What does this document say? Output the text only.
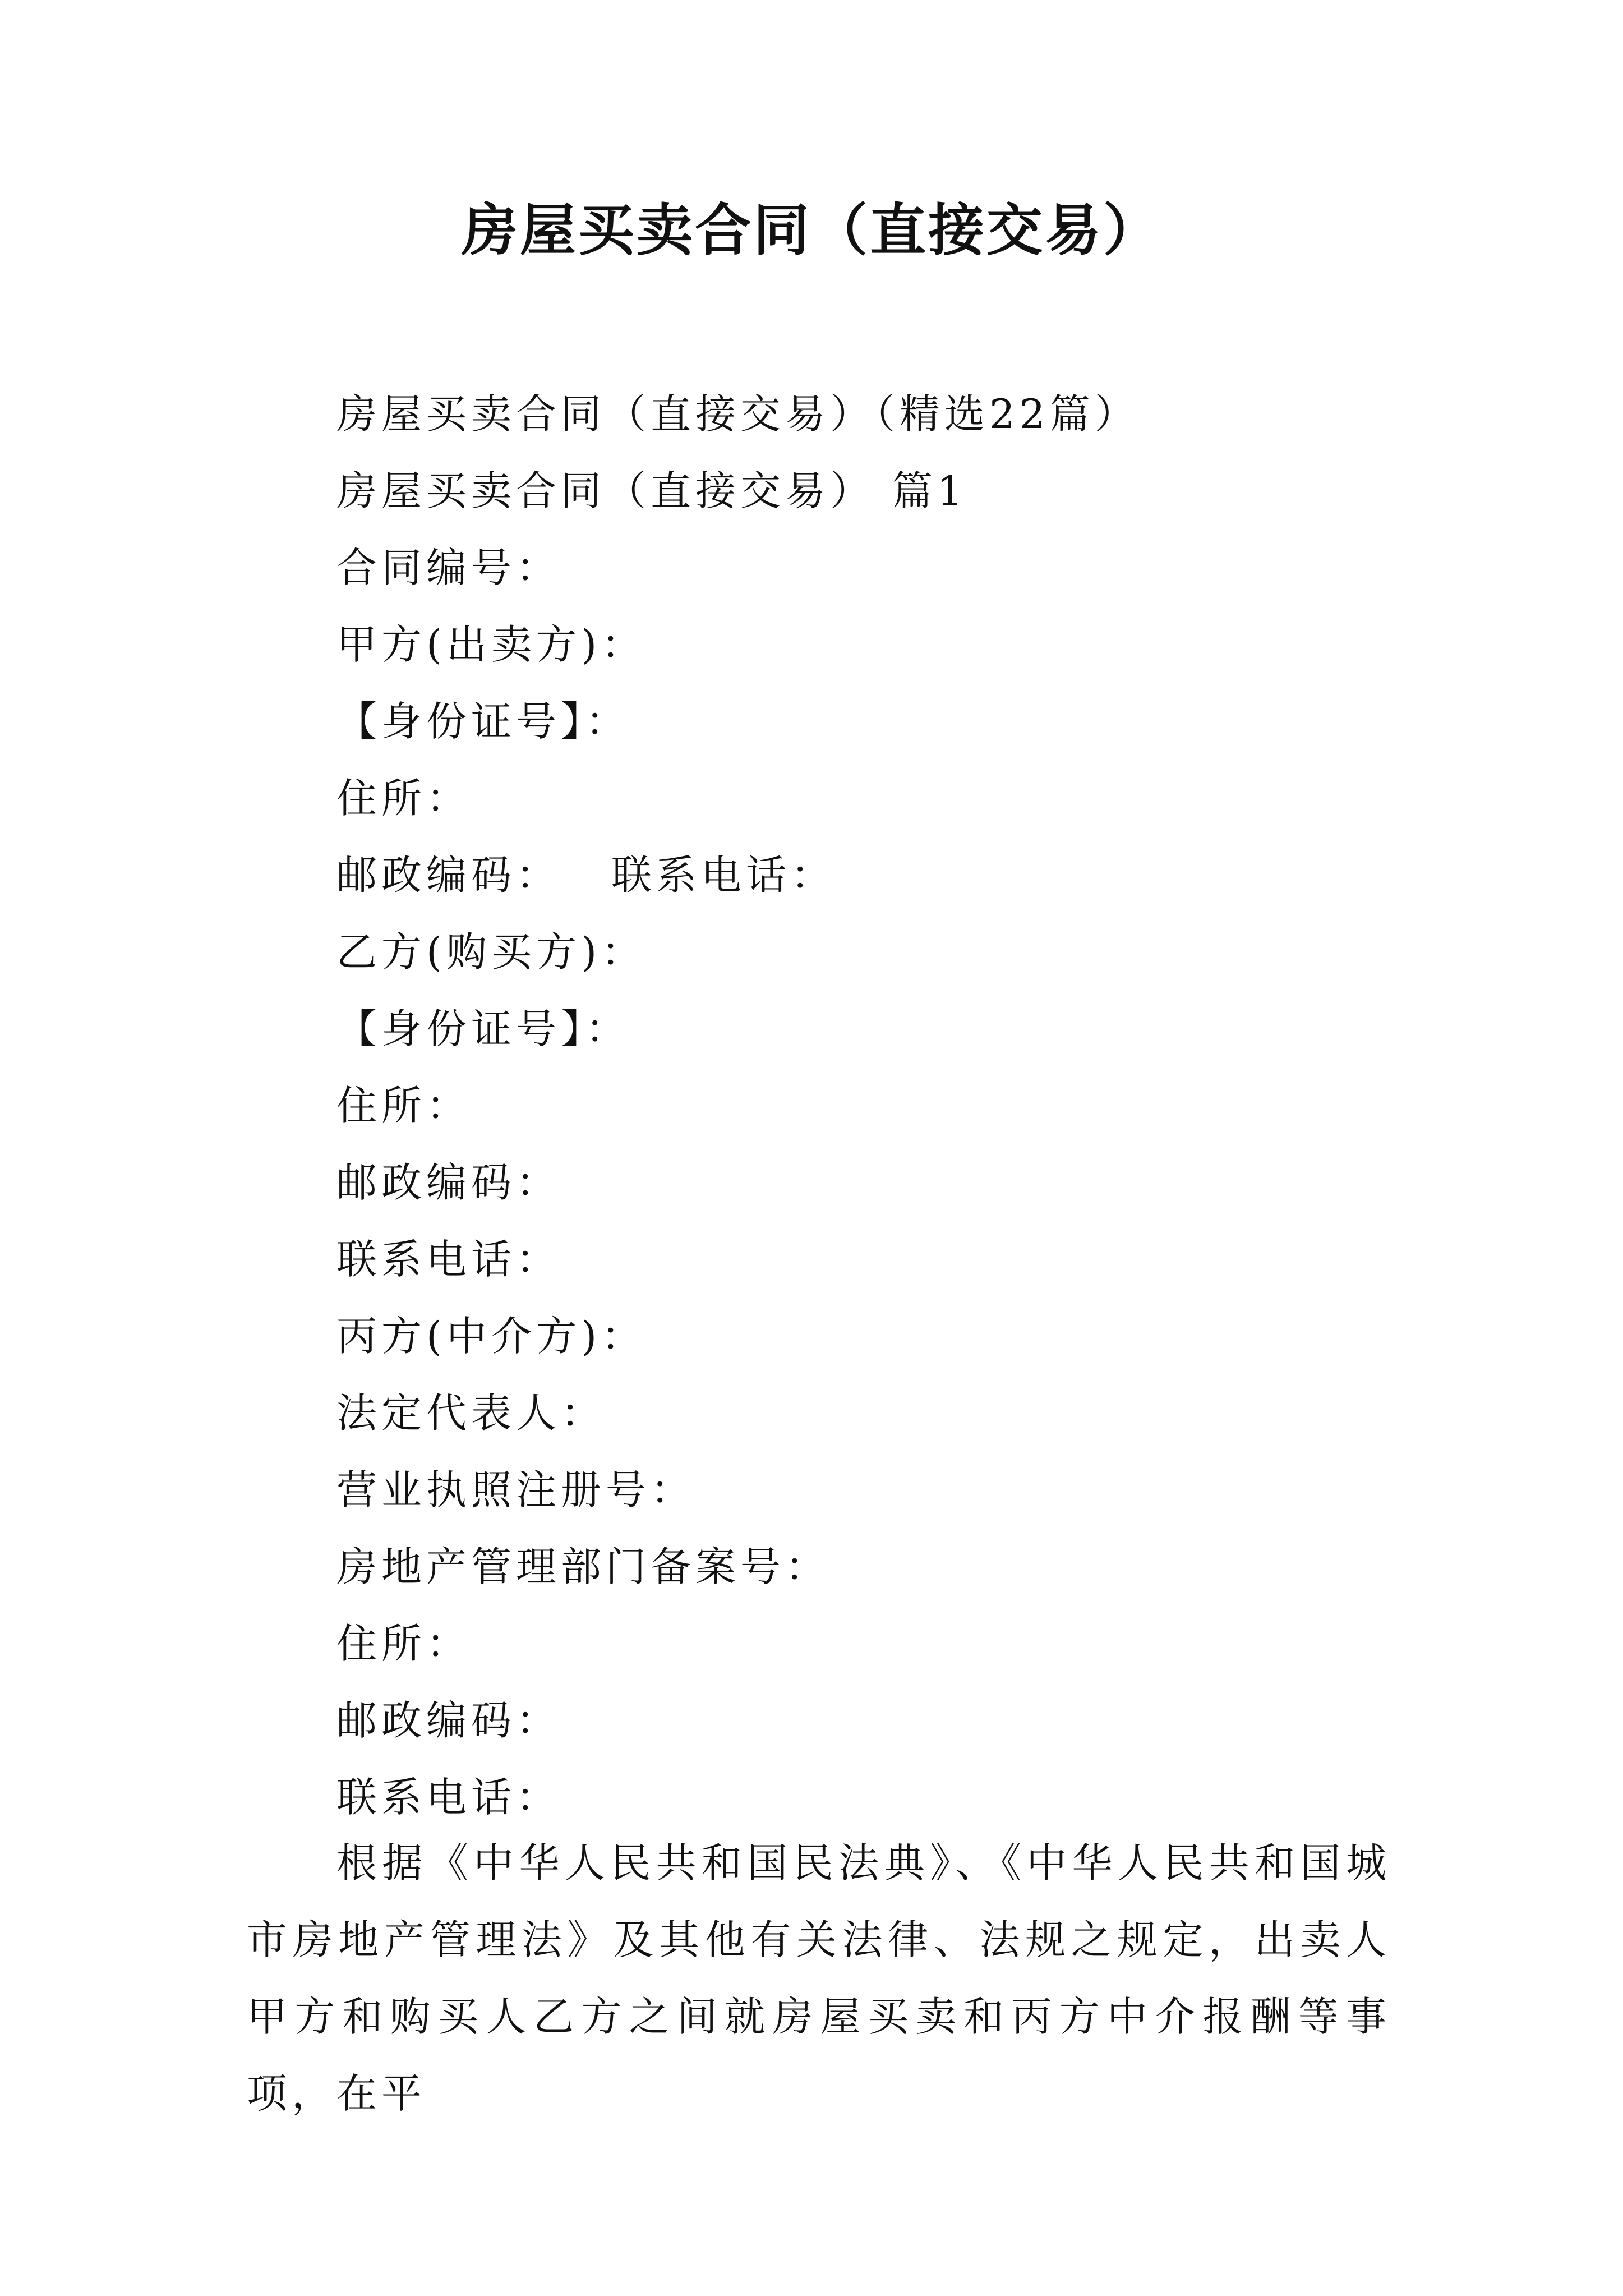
房屋买卖合同（直接交易）
房屋买卖合同（直接交易）（精选22篇）
房屋买卖合同（直接交易） 篇1
合同编号：
甲方(出卖方)：
【身份证号】：
住所：
邮政编码： 联系电话：
乙方(购买方)：
【身份证号】：
住所：
邮政编码：
联系电话：
丙方(中介方)：
法定代表人：
营业执照注册号：
房地产管理部门备案号：
住所：
邮政编码：
联系电话：

根据《中华人民共和国民法典》、《中华人民共和国城市房地产管理法》及其他有关法律、法规之规定，出卖人甲方和购买人乙方之间就房屋买卖和丙方中介报酬等事项，在平
